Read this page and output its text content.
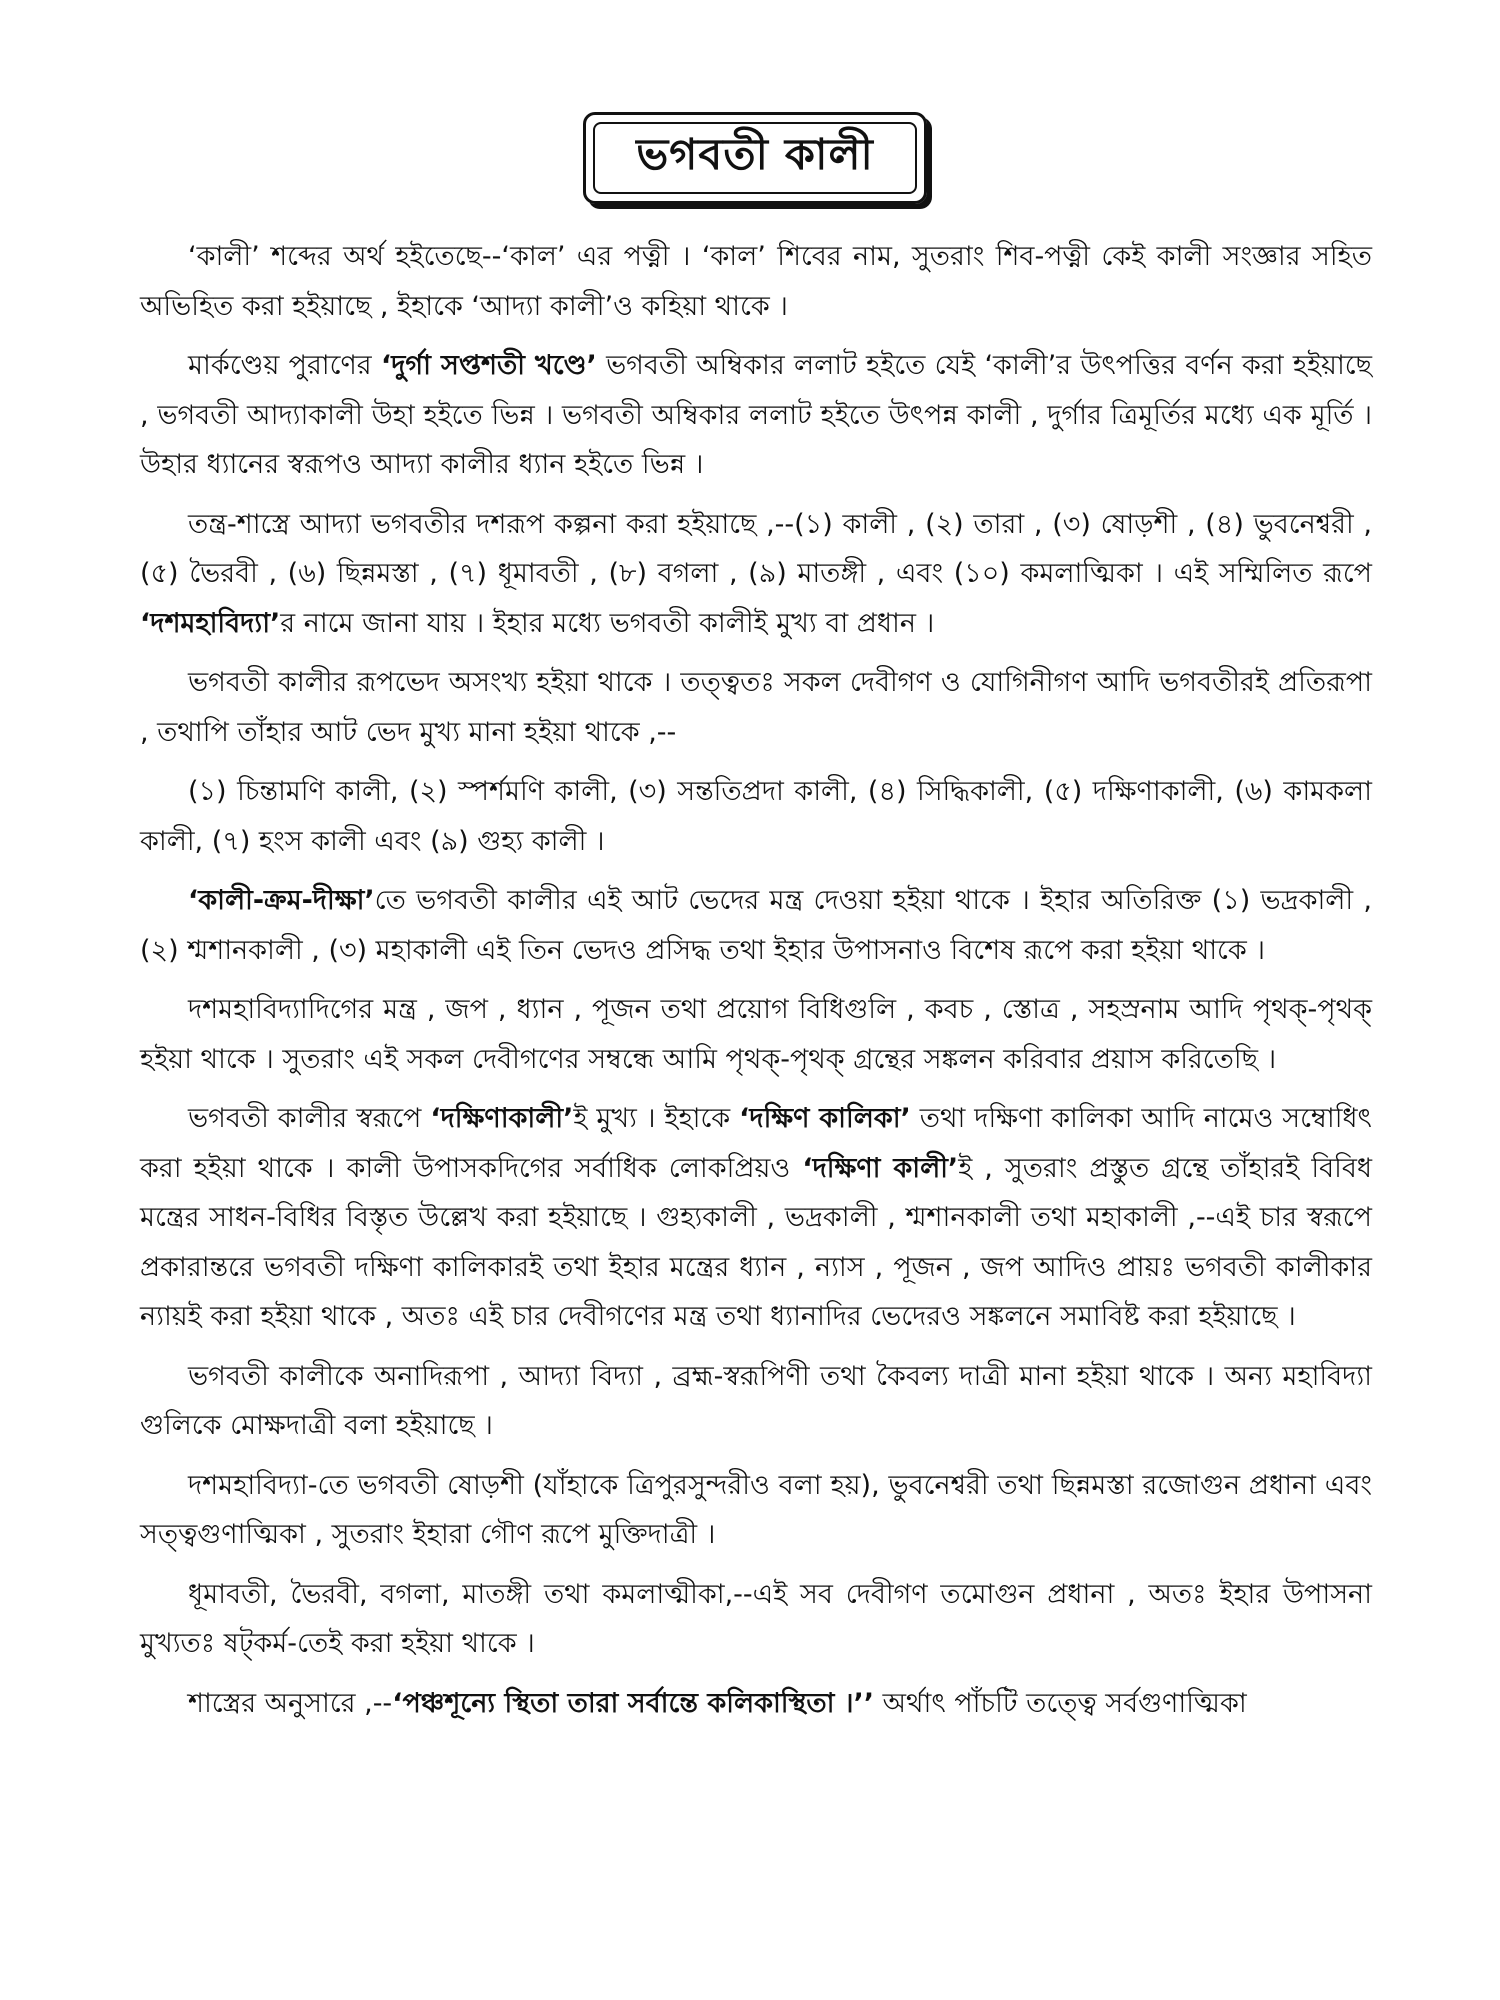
ভগবতী কালী

‘কালী’ শব্দের অর্থ হইতেছে--‘কাল’ এর পত্নী । ‘কাল’ শিবের নাম, সুতরাং শিব-পত্নী কেই কালী সংজ্ঞার সহিত অভিহিত করা হইয়াছে , ইহাকে ‘আদ্যা কালী’ও কহিয়া থাকে ।

মার্কণ্ডেয় পুরাণের ‘দুর্গা সপ্তশতী খণ্ডে’ ভগবতী অম্বিকার ললাট হইতে যেই ‘কালী’র উৎপত্তির বর্ণন করা হইয়াছে , ভগবতী আদ্যাকালী উহা হইতে ভিন্ন । ভগবতী অম্বিকার ললাট হইতে উৎপন্ন কালী , দুর্গার ত্রিমূর্তির মধ্যে এক মূর্তি । উহার ধ্যানের স্বরূপও আদ্যা কালীর ধ্যান হইতে ভিন্ন ।

তন্ত্র-শাস্ত্রে আদ্যা ভগবতীর দশরূপ কল্পনা করা হইয়াছে ,--(১) কালী , (২) তারা , (৩) ষোড়শী , (৪) ভুবনেশ্বরী , (৫) ভৈরবী , (৬) ছিন্নমস্তা , (৭) ধূমাবতী , (৮) বগলা , (৯) মাতঙ্গী , এবং (১০) কমলাত্মিকা । এই সম্মিলিত রূপে ‘দশমহাবিদ্যা’র নামে জানা যায় । ইহার মধ্যে ভগবতী কালীই মুখ্য বা প্রধান ।

ভগবতী কালীর রূপভেদ অসংখ্য হইয়া থাকে । তত্ত্বতঃ সকল দেবীগণ ও যোগিনীগণ আদি ভগবতীরই প্রতিরূপা , তথাপি তাঁহার আট ভেদ মুখ্য মানা হইয়া থাকে ,--

(১) চিন্তামণি কালী, (২) স্পর্শমণি কালী, (৩) সন্ততিপ্রদা কালী, (৪) সিদ্ধিকালী, (৫) দক্ষিণাকালী, (৬) কামকলা কালী, (৭) হংস কালী এবং (৯) গুহ্য কালী ।

‘কালী-ক্রম-দীক্ষা’তে ভগবতী কালীর এই আট ভেদের মন্ত্র দেওয়া হইয়া থাকে । ইহার অতিরিক্ত (১) ভদ্রকালী , (২) শ্মশানকালী , (৩) মহাকালী এই তিন ভেদও প্রসিদ্ধ তথা ইহার উপাসনাও বিশেষ রূপে করা হইয়া থাকে ।

দশমহাবিদ্যাদিগের মন্ত্র , জপ , ধ্যান , পূজন তথা প্রয়োগ বিধিগুলি , কবচ , স্তোত্র , সহস্রনাম আদি পৃথক্-পৃথক্ হইয়া থাকে । সুতরাং এই সকল দেবীগণের সম্বন্ধে আমি পৃথক্-পৃথক্ গ্রন্থের সঙ্কলন করিবার প্রয়াস করিতেছি ।

ভগবতী কালীর স্বরূপে ‘দক্ষিণাকালী’ই মুখ্য । ইহাকে ‘দক্ষিণ কালিকা’ তথা দক্ষিণা কালিকা আদি নামেও সম্বোধিৎ করা হইয়া থাকে । কালী উপাসকদিগের সর্বাধিক লোকপ্রিয়ও ‘দক্ষিণা কালী’ই , সুতরাং প্রস্তুত গ্রন্থে তাঁহারই বিবিধ মন্ত্রের সাধন-বিধির বিস্তৃত উল্লেখ করা হইয়াছে । গুহ্যকালী , ভদ্রকালী , শ্মশানকালী তথা মহাকালী ,--এই চার স্বরূপে প্রকারান্তরে ভগবতী দক্ষিণা কালিকারই তথা ইহার মন্ত্রের ধ্যান , ন্যাস , পূজন , জপ আদিও প্রায়ঃ ভগবতী কালীকার ন্যায়ই করা হইয়া থাকে , অতঃ এই চার দেবীগণের মন্ত্র তথা ধ্যানাদির ভেদেরও সঙ্কলনে সমাবিষ্ট করা হইয়াছে ।

ভগবতী কালীকে অনাদিরূপা , আদ্যা বিদ্যা , ব্রহ্ম-স্বরূপিণী তথা কৈবল্য দাত্রী মানা হইয়া থাকে । অন্য মহাবিদ্যা গুলিকে মোক্ষদাত্রী বলা হইয়াছে ।

দশমহাবিদ্যা-তে ভগবতী ষোড়শী (যাঁহাকে ত্রিপুরসুন্দরীও বলা হয়), ভুবনেশ্বরী তথা ছিন্নমস্তা রজোগুন প্রধানা এবং সত্ত্বগুণাত্মিকা , সুতরাং ইহারা গৌণ রূপে মুক্তিদাত্রী ।

ধূমাবতী, ভৈরবী, বগলা, মাতঙ্গী তথা কমলাত্মীকা,--এই সব দেবীগণ তমোগুন প্রধানা , অতঃ ইহার উপাসনা মুখ্যতঃ ষট্কর্ম-তেই করা হইয়া থাকে ।

শাস্ত্রের অনুসারে ,--‘পঞ্চশূন্যে স্থিতা তারা সর্বান্তে কলিকাস্থিতা ।’’ অর্থাৎ পাঁচটি তত্ত্বে সর্বগুণাত্মিকা
